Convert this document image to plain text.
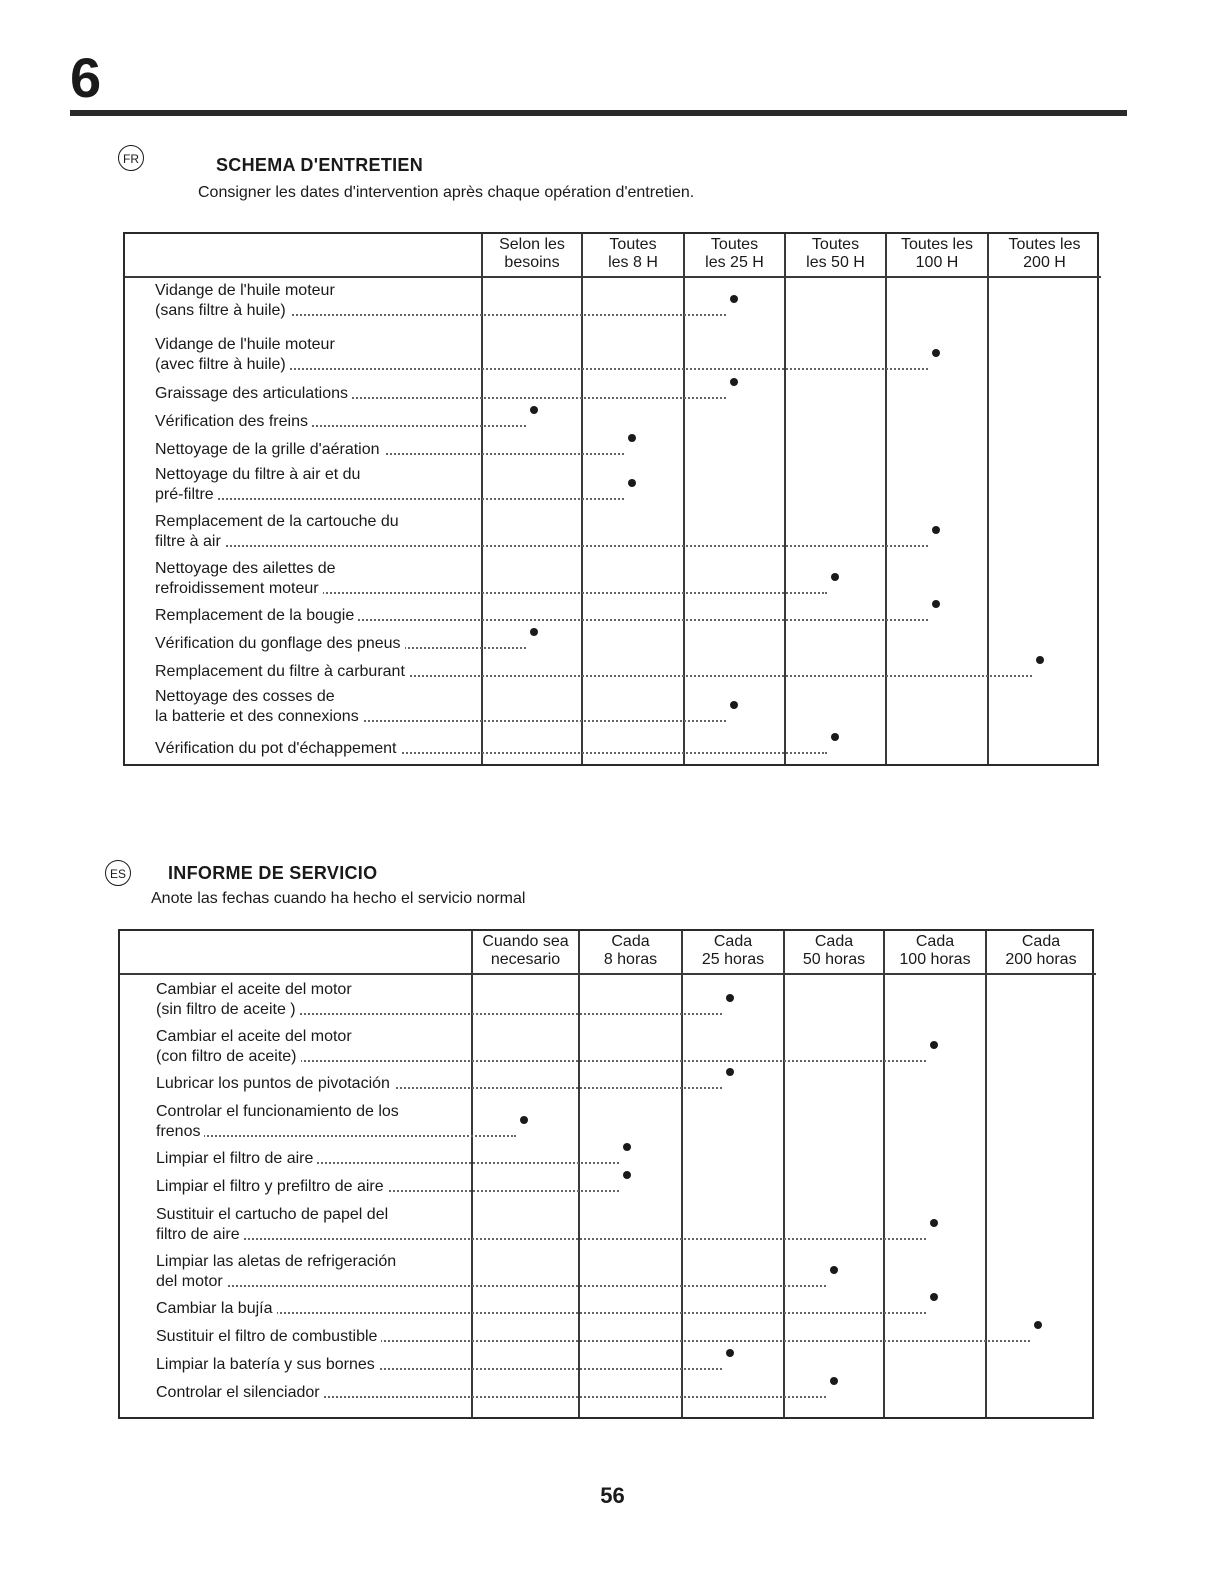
6
FR	SCHEMA D'ENTRETIEN
Consigner les dates d'intervention après chaque opération d'entretien.
Selon les
besoins
Toutes
les 8 H
Toutes
les 25 H
Toutes
les 50 H
Toutes les
100 H
Toutes les
200 H
Vidange de l'huile moteur
(sans filtre à huile)
Vidange de l'huile moteur
(avec filtre à huile)
Graissage des articulations
Vérification des freins
Nettoyage de la grille d'aération
Nettoyage du filtre à air et du
pré-filtre
Remplacement de la cartouche du
filtre à air
Nettoyage des ailettes de
refroidissement moteur
Remplacement de la bougie
Vérification du gonflage des pneus
Remplacement du filtre à carburant
Nettoyage des cosses de
la batterie et des connexions
Vérification du pot d'échappement
ES INFORME DE SERVICIO
Anote las fechas cuando ha hecho el servicio normal
Cuando sea
necesario
Cada
8 horas
Cada
25 horas
Cada
50 horas
Cada
100 horas
Cada
200 horas
Cambiar el aceite del motor
(sin filtro de aceite )
Cambiar el aceite del motor
(con filtro de aceite)
Lubricar los puntos de pivotación
Controlar el funcionamiento de los
frenos
Limpiar el filtro de aire
Limpiar el filtro y prefiltro de aire
Sustituir el cartucho de papel del
filtro de aire
Limpiar las aletas de refrigeración
del motor
Cambiar la bujía
Sustituir el filtro de combustible
Limpiar la batería y sus bornes
Controlar el silenciador
56
